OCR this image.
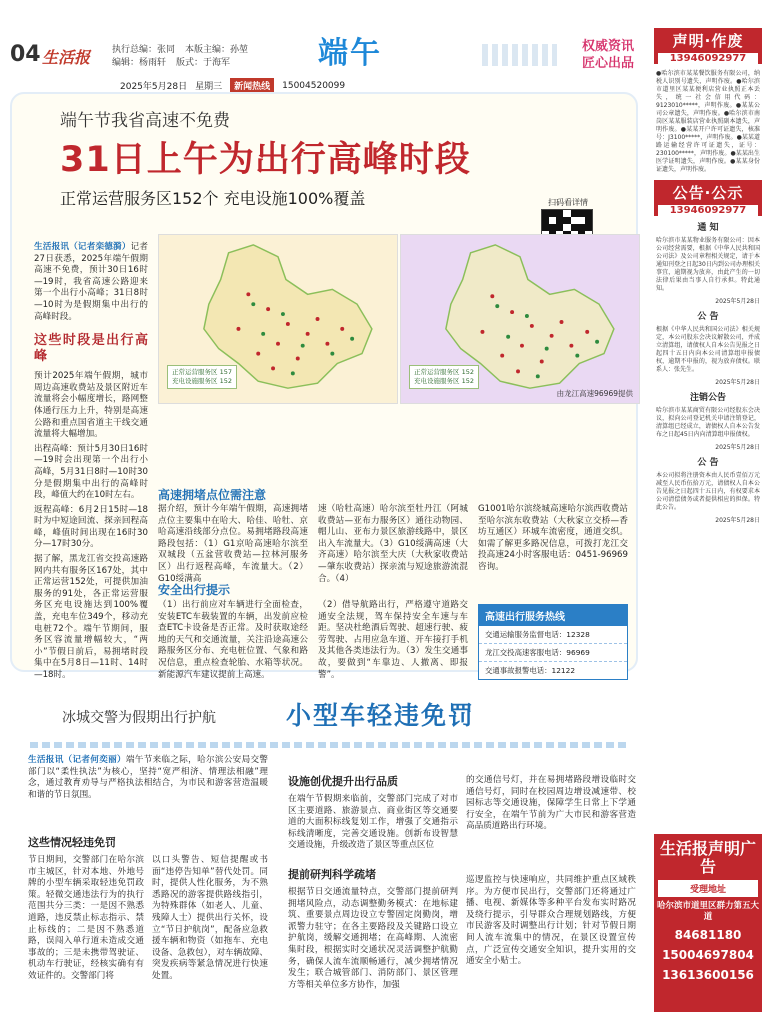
04 生活报 执行总编：张同 本版主编：孙堃
编辑：杨雨轩 版式：于海军	端午	权威资讯
匠心出品
2025年5月28日 星期三	新闻热线	15004520099
端午节我省高速不免费
31日上午为出行高峰时段
正常运营服务区152个 充电设施100%覆盖	扫码看详情

生活报讯（记者栾德漪）记者27日获悉，2025年端午假期高速不免费，预计30日16时—19时，我省高速公路迎来第一个出行小高峰；31日8时—10时为是假期集中出行的高峰时段。

这些时段是出行高峰

预计2025年端午假期，城市周边高速收费站及景区附近车流量将会小幅度增长，路网整体通行压力上升，特别是高速公路和重点国省道主干线交通流量将大幅增加。

出程高峰：预计5月30日16时—19时会出现第一个出行小高峰，5月31日8时—10时30分是假期集中出行的高峰时段，峰值大约在10时左右。

返程高峰：6月2日15时—18时为中短途回流、探亲回程高峰，峰值时间出现在16时30分—17时30分。

据了解，黑龙江省交投高速路网内共有服务区167处，其中正常运营152处，可提供加油服务的91处，各正常运营服务区充电设施达到100%覆盖，充电车位349个，移动充电桩72个。端午节期间，服务区容流量增幅较大，“两小”节假日前后，易拥堵时段集中在5月8日—11时、14时—18时。

正常运营服务区 157
充电设施服务区 152
正常运营服务区 152
充电设施服务区 152
由龙江高速96969提供
高速拥堵点位需注意
据介绍，预计今年端午假期，高速拥堵点位主要集中在哈大、哈佳、哈牡、京哈高速沿线部分点位。易拥堵路段高速路段包括：（1）G1京哈高速哈尔滨至双城段（五盆营收费站—拉林河服务区）出行返程高峰，车流量大。（2）G10绥满高
速（哈牡高速）哈尔滨至牡丹江（阿城收费站—亚布力服务区）通往动物园、帽儿山、亚布力景区旅游线路中，景区出入车流量大。（3）G10绥满高速（大齐高速）哈尔滨至大庆（大秋家收费站—肇东收费站）探亲流与短途旅游流混合。（4）
G1001哈尔滨绕城高速哈尔滨西收费站至哈尔滨东收费站（大秋家立交桥—香坊互通区）环城车流密度，通道交织。如需了解更多路况信息，可拨打龙江交投高速24小时客服电话：0451-96969咨询。
安全出行提示
（1）出行前应对车辆进行全面检查，安装ETC车载装置的车辆，出发前应检查ETC卡设备是否正常。及时获取途经地的天气和交通流量，关注沿途高速公路服务区分布、充电桩位置、气象和路况信息，重点检查轮胎、水箱等状况。新能源汽车建议提前上高速。
（2）借导航路出行，严格遵守道路交通安全法规，驾车保持安全车速与车距。坚决杜绝酒后驾驶、超速行驶、疲劳驾驶、占用应急车道、开车接打手机及其他各类违法行为。（3）发生交通事故，要做到“车靠边、人撤离、即报警”。
高速出行服务热线
交通运输服务监督电话：12328
龙江交投高速客服电话：96969
交通事故报警电话：12122
冰城交警为假期出行护航	小型车轻违免罚
生活报讯（记者何奕丽）端午节来临之际，哈尔滨公安局交警部门以“柔性执法”为核心，坚持“宽严相济、情理法相融”理念，通过教育劝导与严格执法相结合，为市民和游客营造温暖和谐的节日氛围。
这些情况轻违免罚
节日期间，交警部门在哈尔滨市主城区，针对本地、外地号牌的小型车辆采取轻违免罚政策。轻微交通违法行为的执行范围共分三类：一是因不熟悉道路，违反禁止标志指示、禁止标线的；二是因不熟悉道路，误闯入单行道未造成交通事故的；三是未携带驾驶证、机动车行驶证，经核实确有有效证件的。交警部门将
以口头警告、短信提醒或书面“违停告知单”替代处罚。同时，提供人性化服务，为不熟悉路况的游客提供路线指引，为特殊群体（如老人、儿童、残障人士）提供出行关怀，设立“节日护航岗”，配备应急救援车辆和物资（如拖车、充电设备、急救包），对车辆故障、突发疾病等紧急情况进行快速处置。
设施创优提升出行品质
在端午节假期来临前，交警部门完成了对市区主要道路、旅游景点、商业街区等交通要道的大面积标线复划工作，增强了交通指示标线清晰度，完善交通设施。创新布设智慧交通设施，升级改造了景区等重点区位
的交通信号灯，并在易拥堵路段增设临时交通信号灯，同时在校园周边增设减速带、校园标志等交通设施，保障学生日常上下学通行安全，在端午节前为广大市民和游客营造高品质道路出行环境。
提前研判科学疏堵
根据节日交通流量特点，交警部门提前研判拥堵风险点，动态调整勤务模式：在地标建筑、重要景点周边设立专警固定岗勤岗，增派警力驻守；在各主要路段及关键路口设立护航岗，缓解交通拥堵；在高峰期、人流密集时段，根据实时交通状况灵活调整护航勤务，确保人流车流顺畅通行，减少拥堵情况发生；联合城管部门、消防部门、景区管理方等相关单位多方协作，加强
巡逻监控与快速响应，共同维护重点区域秩序。为方便市民出行，交警部门还将通过广播、电视、新媒体等多种平台发布实时路况及绕行提示，引导群众合理规划路线，方便市民游客及时调整出行计划；针对节假日期间人流车流集中的情况，在景区设置宣传点，广泛宣传交通安全知识，提升实用的交通安全小贴士。
声明·作废
13946092977
●哈尔滨市某某餐饮服务有限公司，纳税人识别号遗失，声明作废。●哈尔滨市道里区某某便利店营业执照正本丢失，统一社会信用代码：9123010*****，声明作废。●某某公司公章遗失，声明作废。●哈尔滨市南岗区某某服装店营业执照副本遗失，声明作废。●某某开户许可证遗失，核准号：J3100*****，声明作废。●某某道路运输经营许可证遗失，证号：230100*****，声明作废。●某某出生医学证明遗失，声明作废。●某某身份证遗失，声明作废。
公告·公示
13946092977
通 知
哈尔滨市某某物业服务有限公司：因本公司经营需要，根据《中华人民共和国公司法》及公司章程相关规定，请于本通知刊登之日起30日内到公司办理相关事宜，逾期视为放弃，由此产生的一切法律后果由当事人自行承担。特此通知。
2025年5月28日
公 告
根据《中华人民共和国公司法》相关规定，本公司股东会决议解散公司，并成立清算组，请债权人自本公告见报之日起四十五日内向本公司清算组申报债权，逾期不申报的，视为放弃债权。联系人：张先生。
2025年5月28日
注销公告
哈尔滨市某某商贸有限公司经股东会决议，拟向公司登记机关申请注销登记，清算组已经成立，请债权人自本公告发布之日起45日内向清算组申报债权。
2025年5月28日
公 告
本公司拟将注册资本由人民币壹佰万元减至人民币伍拾万元，请债权人自本公告见报之日起四十五日内，有权要求本公司清偿债务或者提供相应的担保。特此公告。
2025年5月28日
生活报声明广告
受理地址
哈尔滨市道里区群力第五大道
84681180
15004697804
13613600156
